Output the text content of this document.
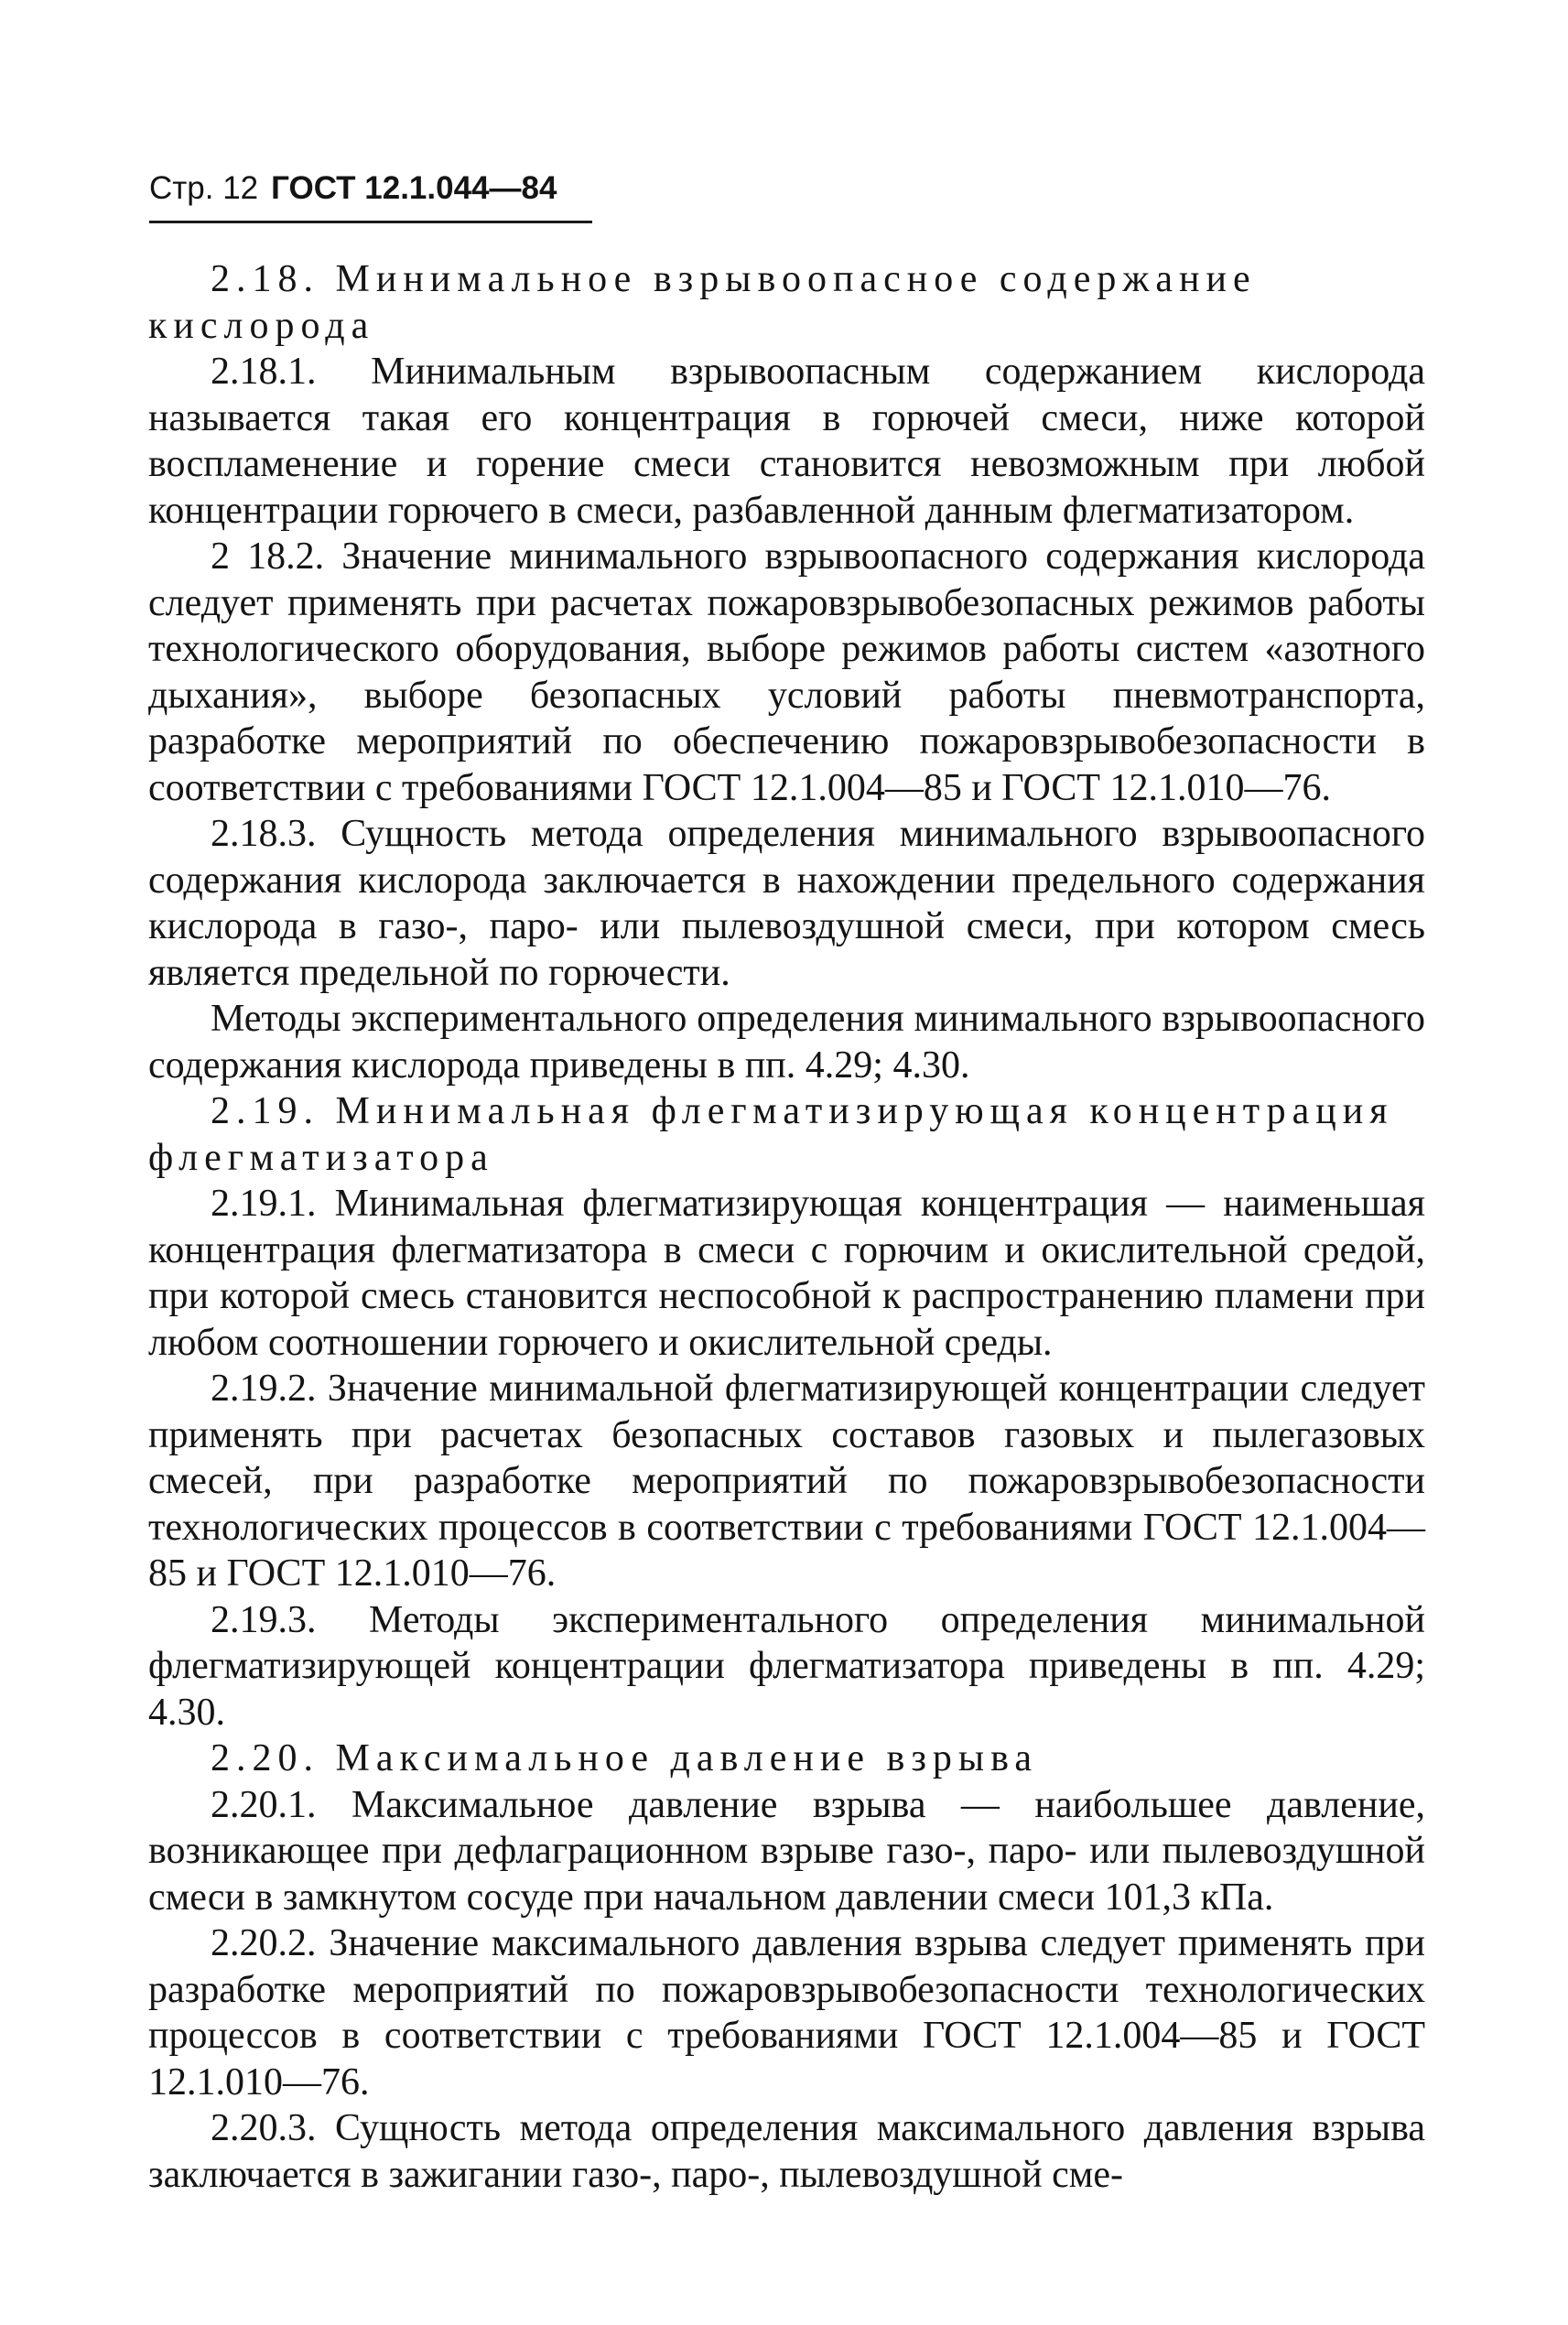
Стр. 12 ГОСТ 12.1.044—84

2.18. Минимальное взрывоопасное содержание кислорода

2.18.1. Минимальным взрывоопасным содержанием кислорода называется такая его концентрация в горючей смеси, ниже которой воспламенение и горение смеси становится невозможным при любой концентрации горючего в смеси, разбавленной данным флегматизатором.

2 18.2. Значение минимального взрывоопасного содержания кислорода следует применять при расчетах пожаровзрывобезопасных режимов работы технологического оборудования, выборе режимов работы систем «азотного дыхания», выборе безопасных условий работы пневмотранспорта, разработке мероприятий по обеспечению пожаровзрывобезопасности в соответствии с требованиями ГОСТ 12.1.004—85 и ГОСТ 12.1.010—76.

2.18.3. Сущность метода определения минимального взрывоопасного содержания кислорода заключается в нахождении предельного содержания кислорода в газо-, паро- или пылевоздушной смеси, при котором смесь является предельной по горючести.

Методы экспериментального определения минимального взрывоопасного содержания кислорода приведены в пп. 4.29; 4.30.

2.19. Минимальная флегматизирующая концентрация флегматизатора

2.19.1. Минимальная флегматизирующая концентрация — наименьшая концентрация флегматизатора в смеси с горючим и окислительной средой, при которой смесь становится неспособной к распространению пламени при любом соотношении горючего и окислительной среды.

2.19.2. Значение минимальной флегматизирующей концентрации следует применять при расчетах безопасных составов газовых и пылегазовых смесей, при разработке мероприятий по пожаровзрывобезопасности технологических процессов в соответствии с требованиями ГОСТ 12.1.004—85 и ГОСТ 12.1.010—76.

2.19.3. Методы экспериментального определения минимальной флегматизирующей концентрации флегматизатора приведены в пп. 4.29; 4.30.

2.20. Максимальное давление взрыва

2.20.1. Максимальное давление взрыва — наибольшее давление, возникающее при дефлаграционном взрыве газо-, паро- или пылевоздушной смеси в замкнутом сосуде при начальном давлении смеси 101,3 кПа.

2.20.2. Значение максимального давления взрыва следует применять при разработке мероприятий по пожаровзрывобезопасности технологических процессов в соответствии с требованиями ГОСТ 12.1.004—85 и ГОСТ 12.1.010—76.

2.20.3. Сущность метода определения максимального давления взрыва заключается в зажигании газо-, паро-, пылевоздушной сме-
